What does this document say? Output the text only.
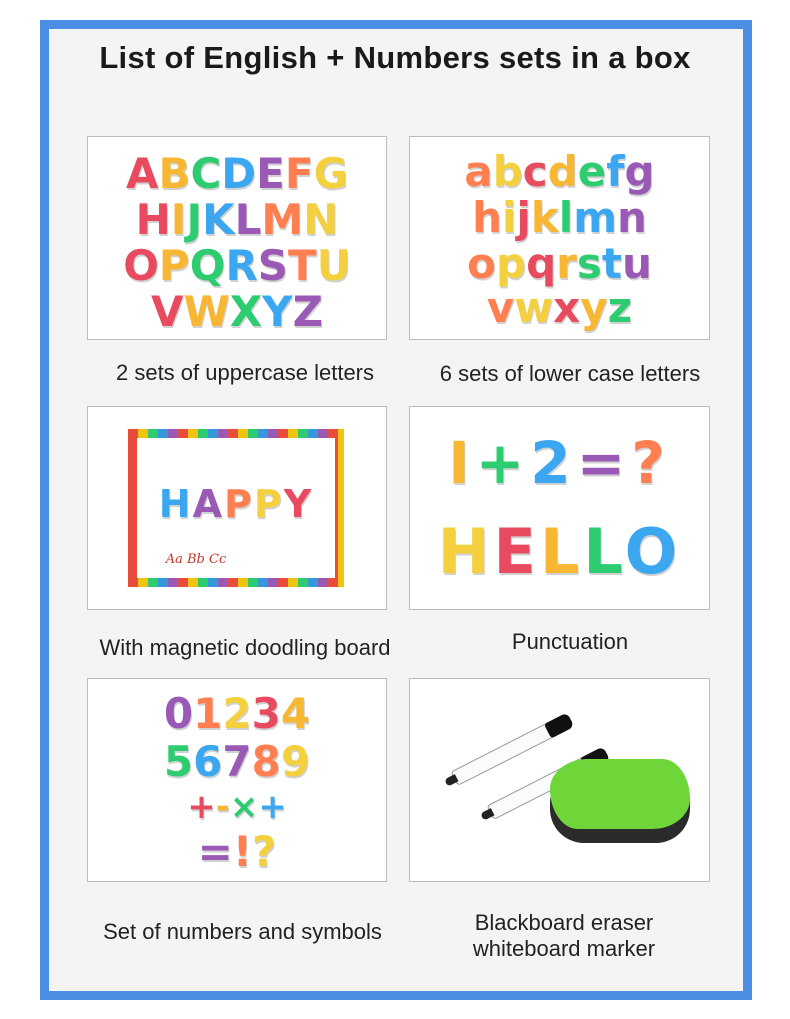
List of English + Numbers sets in a box
ABCDEFG
HIJKLMN
OPQRSTU
VWXYZ
2 sets of uppercase letters
abcdefg
hijklmn
opqrstu
vwxyz
6 sets of lower case letters
HAPPY
Aa Bb Cc
With magnetic doodling board
I+2=?
HELLO
Punctuation
01234
56789
+-×+
=!?
Set of numbers and symbols	Blackboard eraser
whiteboard marker
